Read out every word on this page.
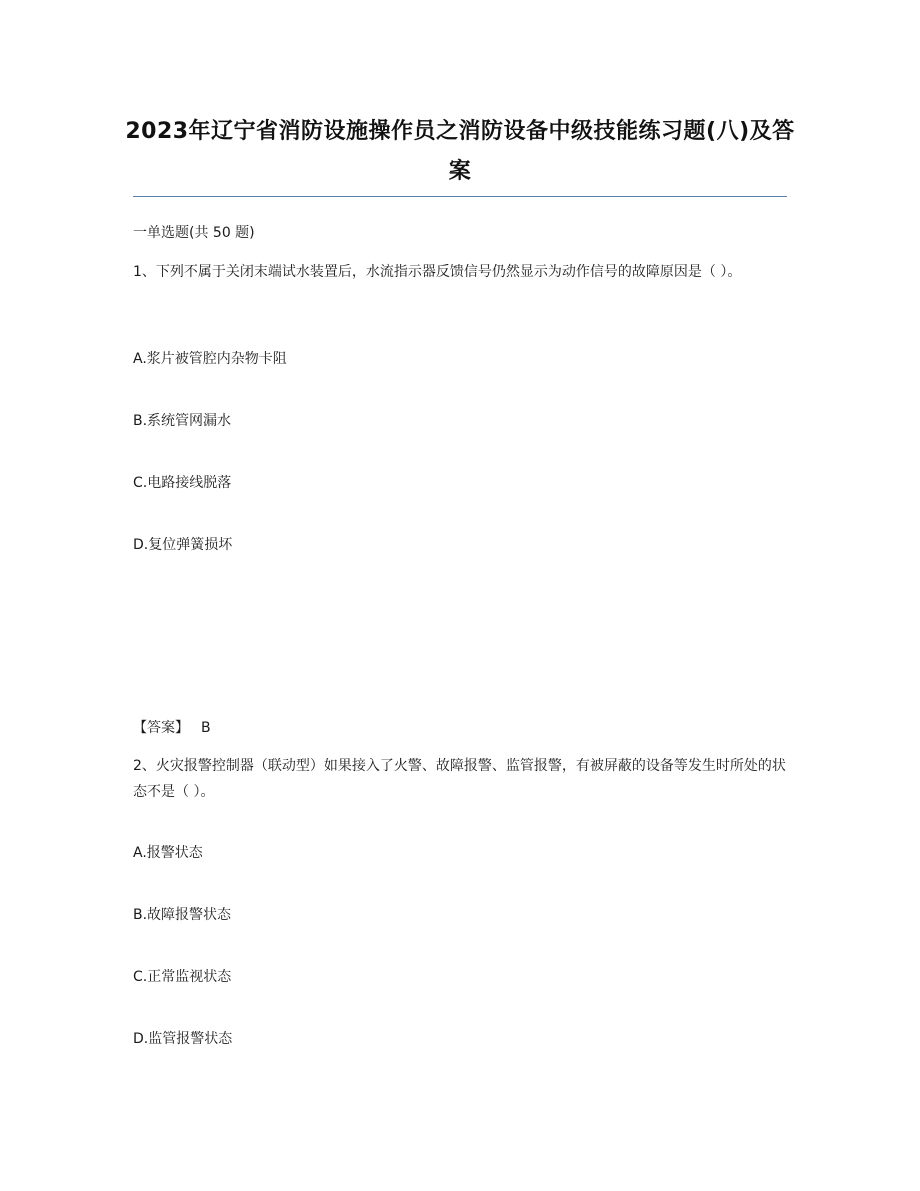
2023年辽宁省消防设施操作员之消防设备中级技能练习题(八)及答案
一单选题(共 50 题)
1、下列不属于关闭末端试水装置后，水流指示器反馈信号仍然显示为动作信号的故障原因是（ ）。
A.浆片被管腔内杂物卡阻
B.系统管网漏水
C.电路接线脱落
D.复位弹簧损坏
【答案】 B
2、火灾报警控制器（联动型）如果接入了火警、故障报警、监管报警，有被屏蔽的设备等发生时所处的状态不是（ ）。
A.报警状态
B.故障报警状态
C.正常监视状态
D.监管报警状态
